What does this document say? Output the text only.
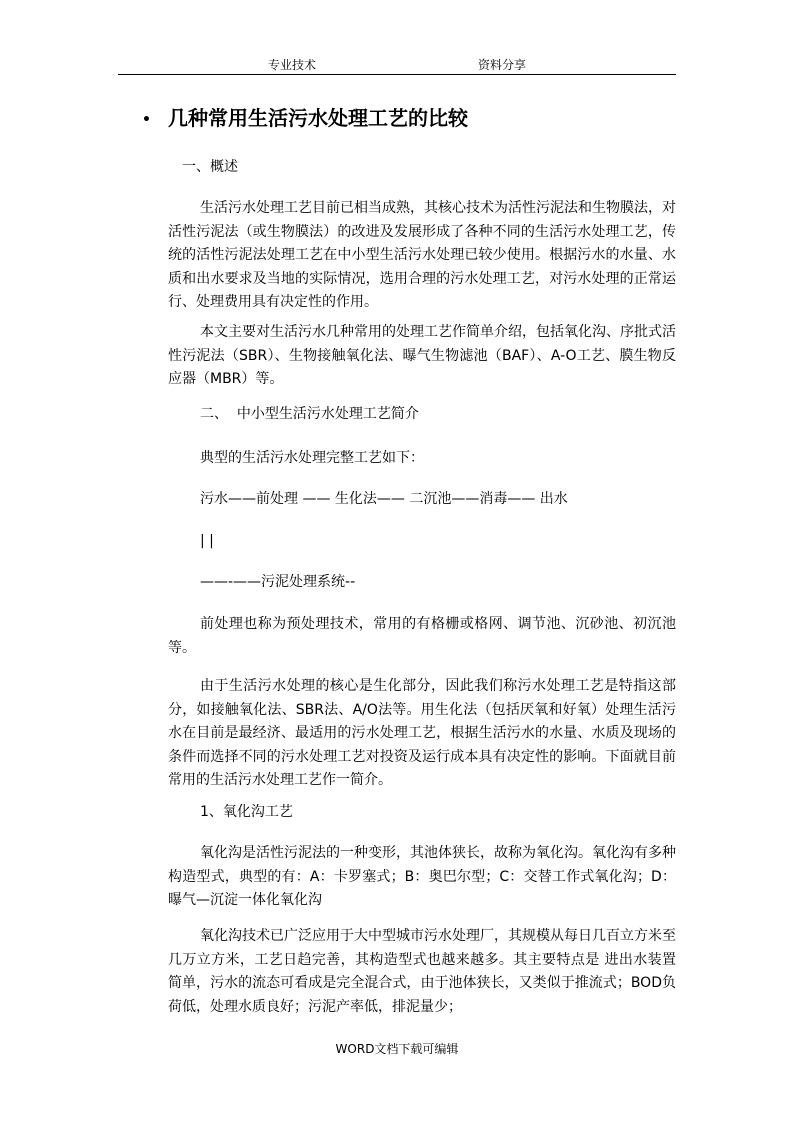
专业技术	资料分享
• 几种常用生活污水处理工艺的比较
一、概述

生活污水处理工艺目前已相当成熟，其核心技术为活性污泥法和生物膜法，对活性污泥法（或生物膜法）的改进及发展形成了各种不同的生活污水处理工艺，传统的活性污泥法处理工艺在中小型生活污水处理已较少使用。根据污水的水量、水质和出水要求及当地的实际情况，选用合理的污水处理工艺，对污水处理的正常运行、处理费用具有决定性的作用。

本文主要对生活污水几种常用的处理工艺作简单介绍，包括氧化沟、序批式活性污泥法（SBR）、生物接触氧化法、曝气生物滤池（BAF）、A-O工艺、膜生物反应器（MBR）等。

二、  中小型生活污水处理工艺简介
典型的生活污水处理完整工艺如下：
污水——前处理 —— 生化法—— 二沉池——消毒—— 出水
| |
——-——污泥处理系统--

前处理也称为预处理技术，常用的有格栅或格网、调节池、沉砂池、初沉池等。

由于生活污水处理的核心是生化部分，因此我们称污水处理工艺是特指这部分，如接触氧化法、SBR法、A/O法等。用生化法（包括厌氧和好氧）处理生活污水在目前是最经济、最适用的污水处理工艺，根据生活污水的水量、水质及现场的条件而选择不同的污水处理工艺对投资及运行成本具有决定性的影响。下面就目前常用的生活污水处理工艺作一简介。

1、氧化沟工艺

氧化沟是活性污泥法的一种变形，其池体狭长，故称为氧化沟。氧化沟有多种构造型式，典型的有：A：卡罗塞式；B：奥巴尔型；C：交替工作式氧化沟；D：曝气—沉淀一体化氧化沟

氧化沟技术已广泛应用于大中型城市污水处理厂，其规模从每日几百立方米至几万立方米，工艺日趋完善，其构造型式也越来越多。其主要特点是 进出水装置简单，污水的流态可看成是完全混合式，由于池体狭长，又类似于推流式；BOD负荷低，处理水质良好；污泥产率低，排泥量少；

WORD文档下载可编辑
